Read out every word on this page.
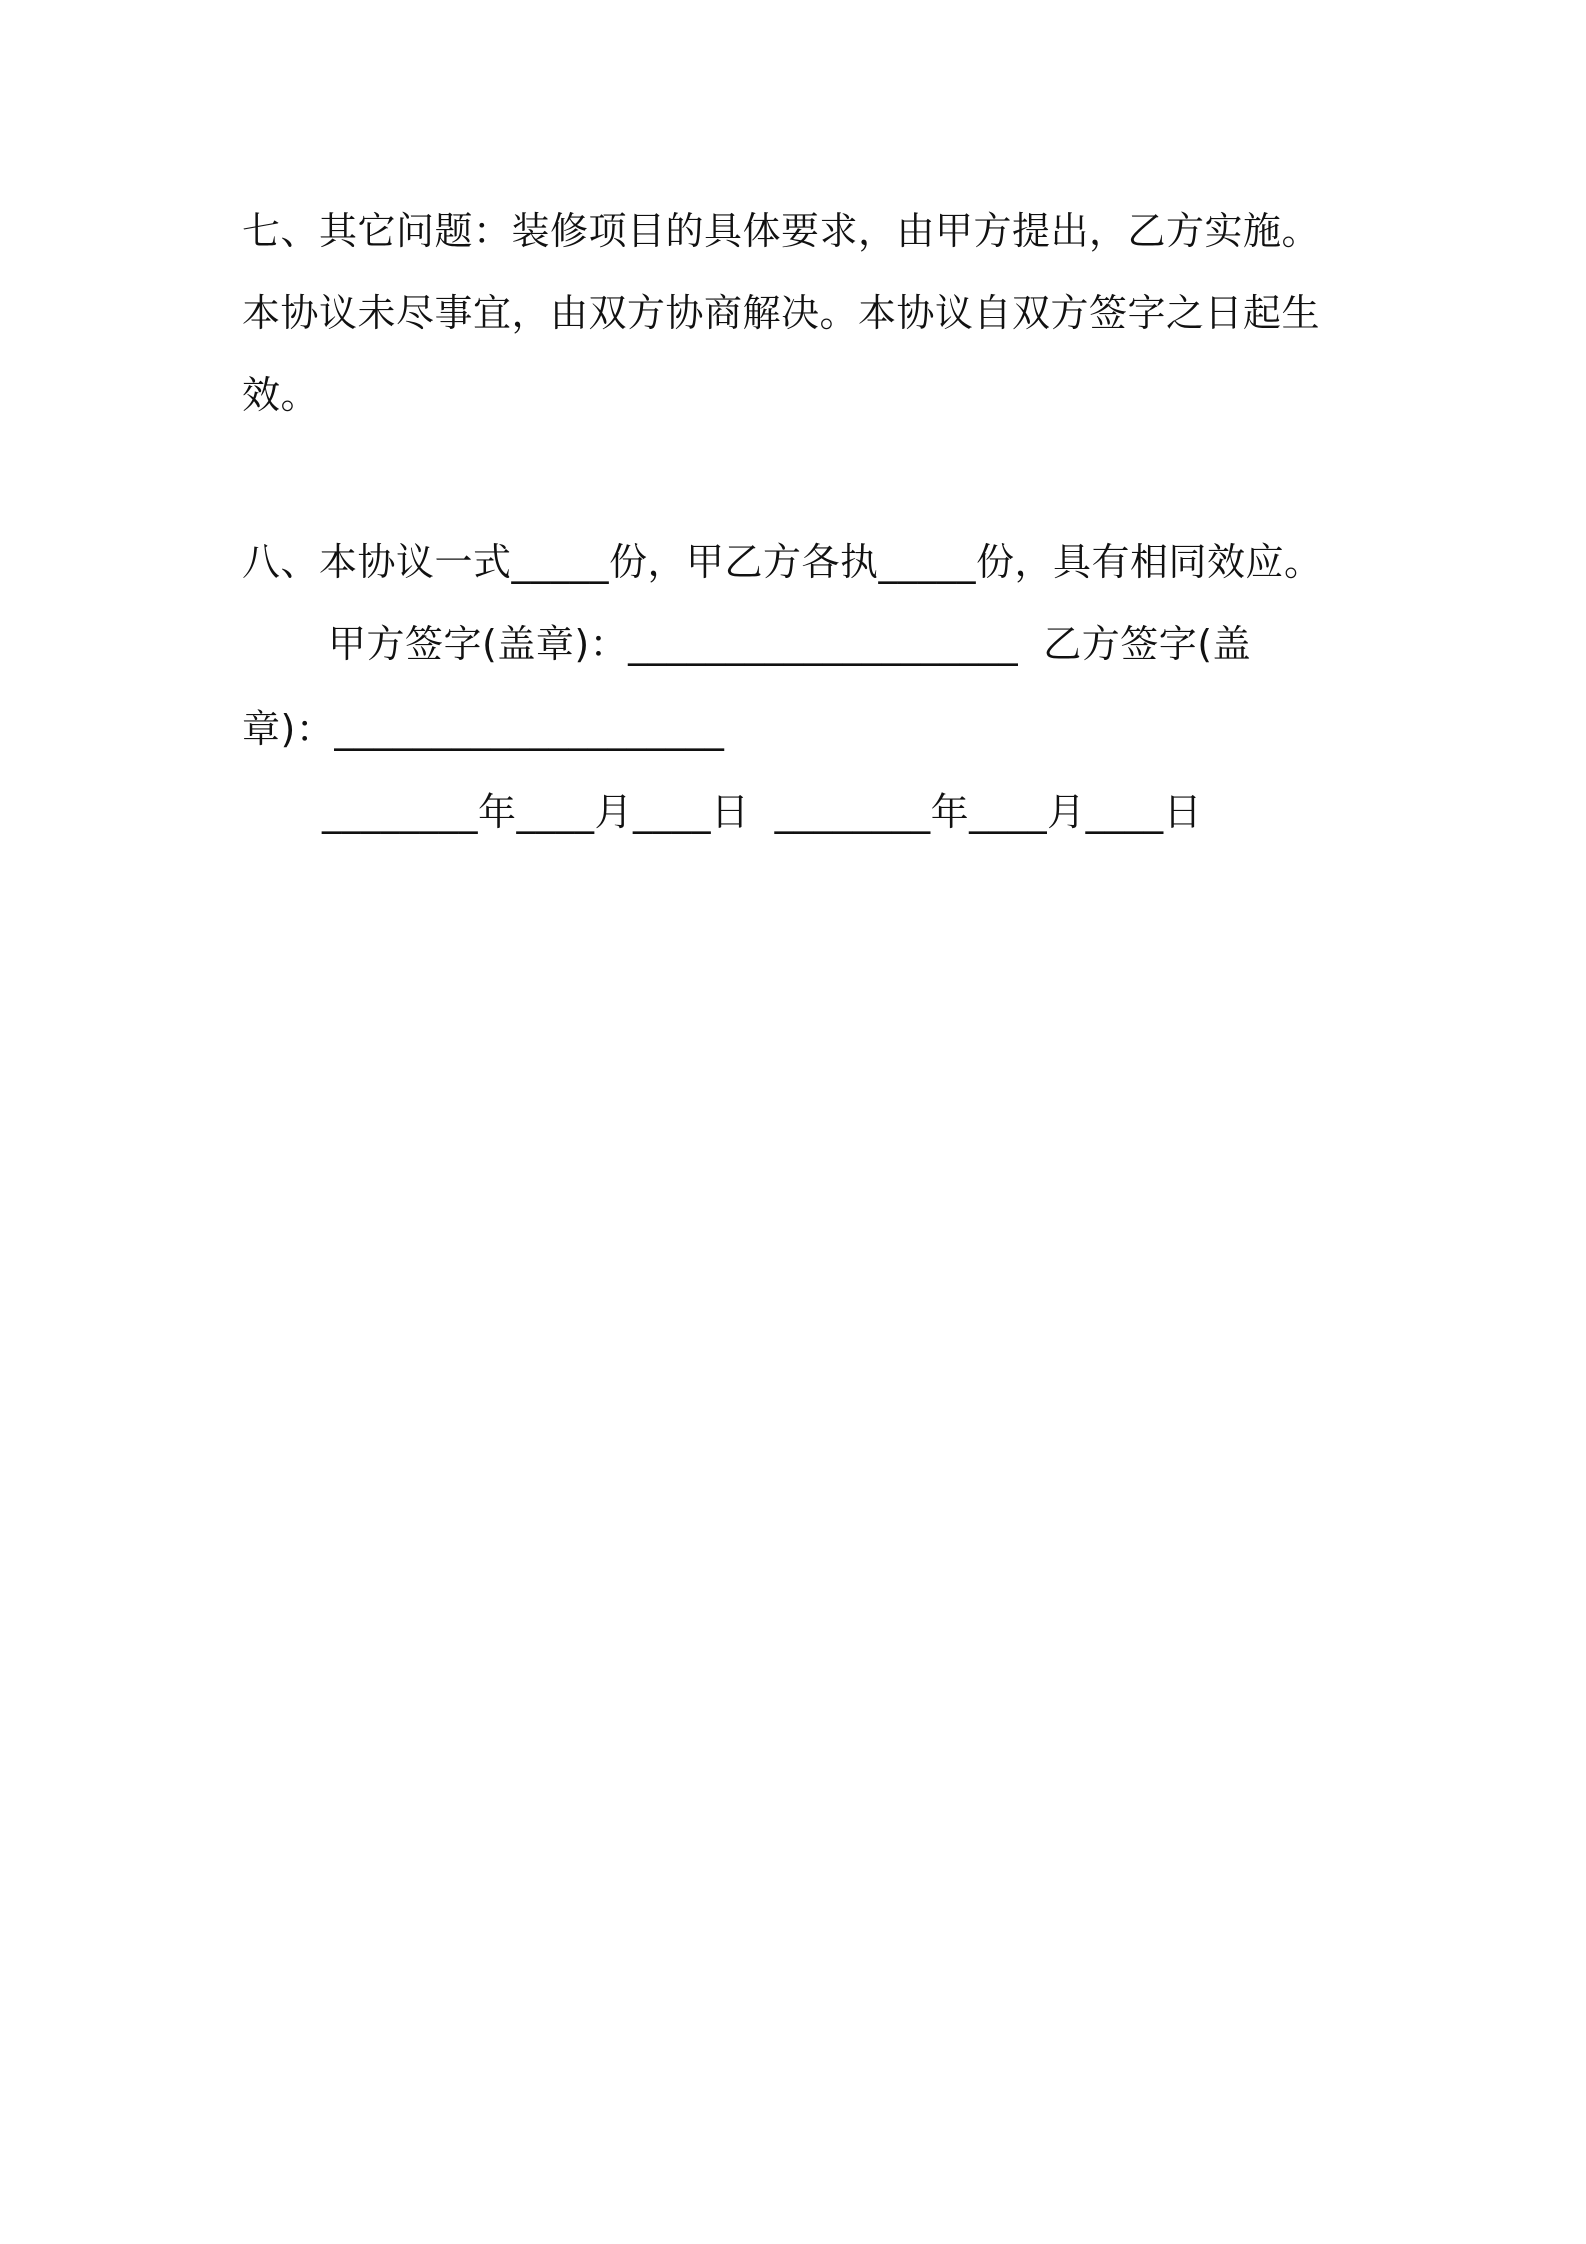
七、其它问题：装修项目的具体要求，由甲方提出，乙方实施。
本协议未尽事宜，由双方协商解决。本协议自双方签字之日起生
效。
八、本协议一式_____份，甲乙方各执_____份，具有相同效应。
甲方签字(盖章)：____________________  乙方签字(盖
章)：____________________
________年____月____日  ________年____月____日
